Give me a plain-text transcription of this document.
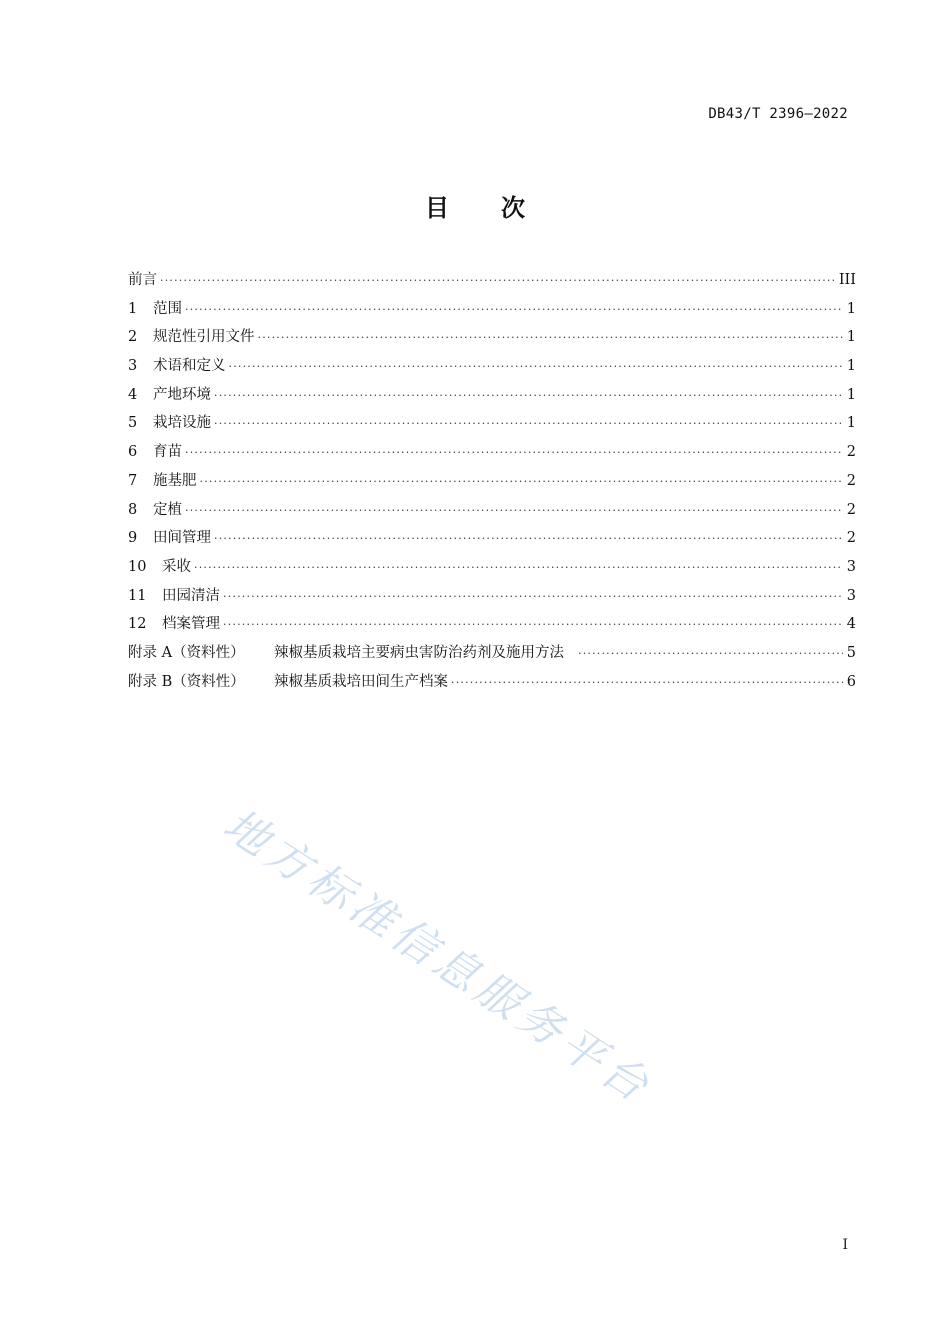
DB43/T 2396—2022
目次
前言 ·····	III
1	范围 ·····	1
2	规范性引用文件 ·····	1
3	术语和定义 ·····	1
4	产地环境 ·····	1
5	栽培设施 ·····	1
6	育苗 ·····	2
7	施基肥 ·····	2
8	定植 ·····	2
9	田间管理 ·····	2
10	采收 ·····	3
11	田园清洁 ·····	3
12	档案管理 ·····	4
附录 A（资料性）	辣椒基质栽培主要病虫害防治药剂及施用方法 ·····	5
附录 B（资料性）	辣椒基质栽培田间生产档案 ·····	6
地方标准信息服务平台
I
